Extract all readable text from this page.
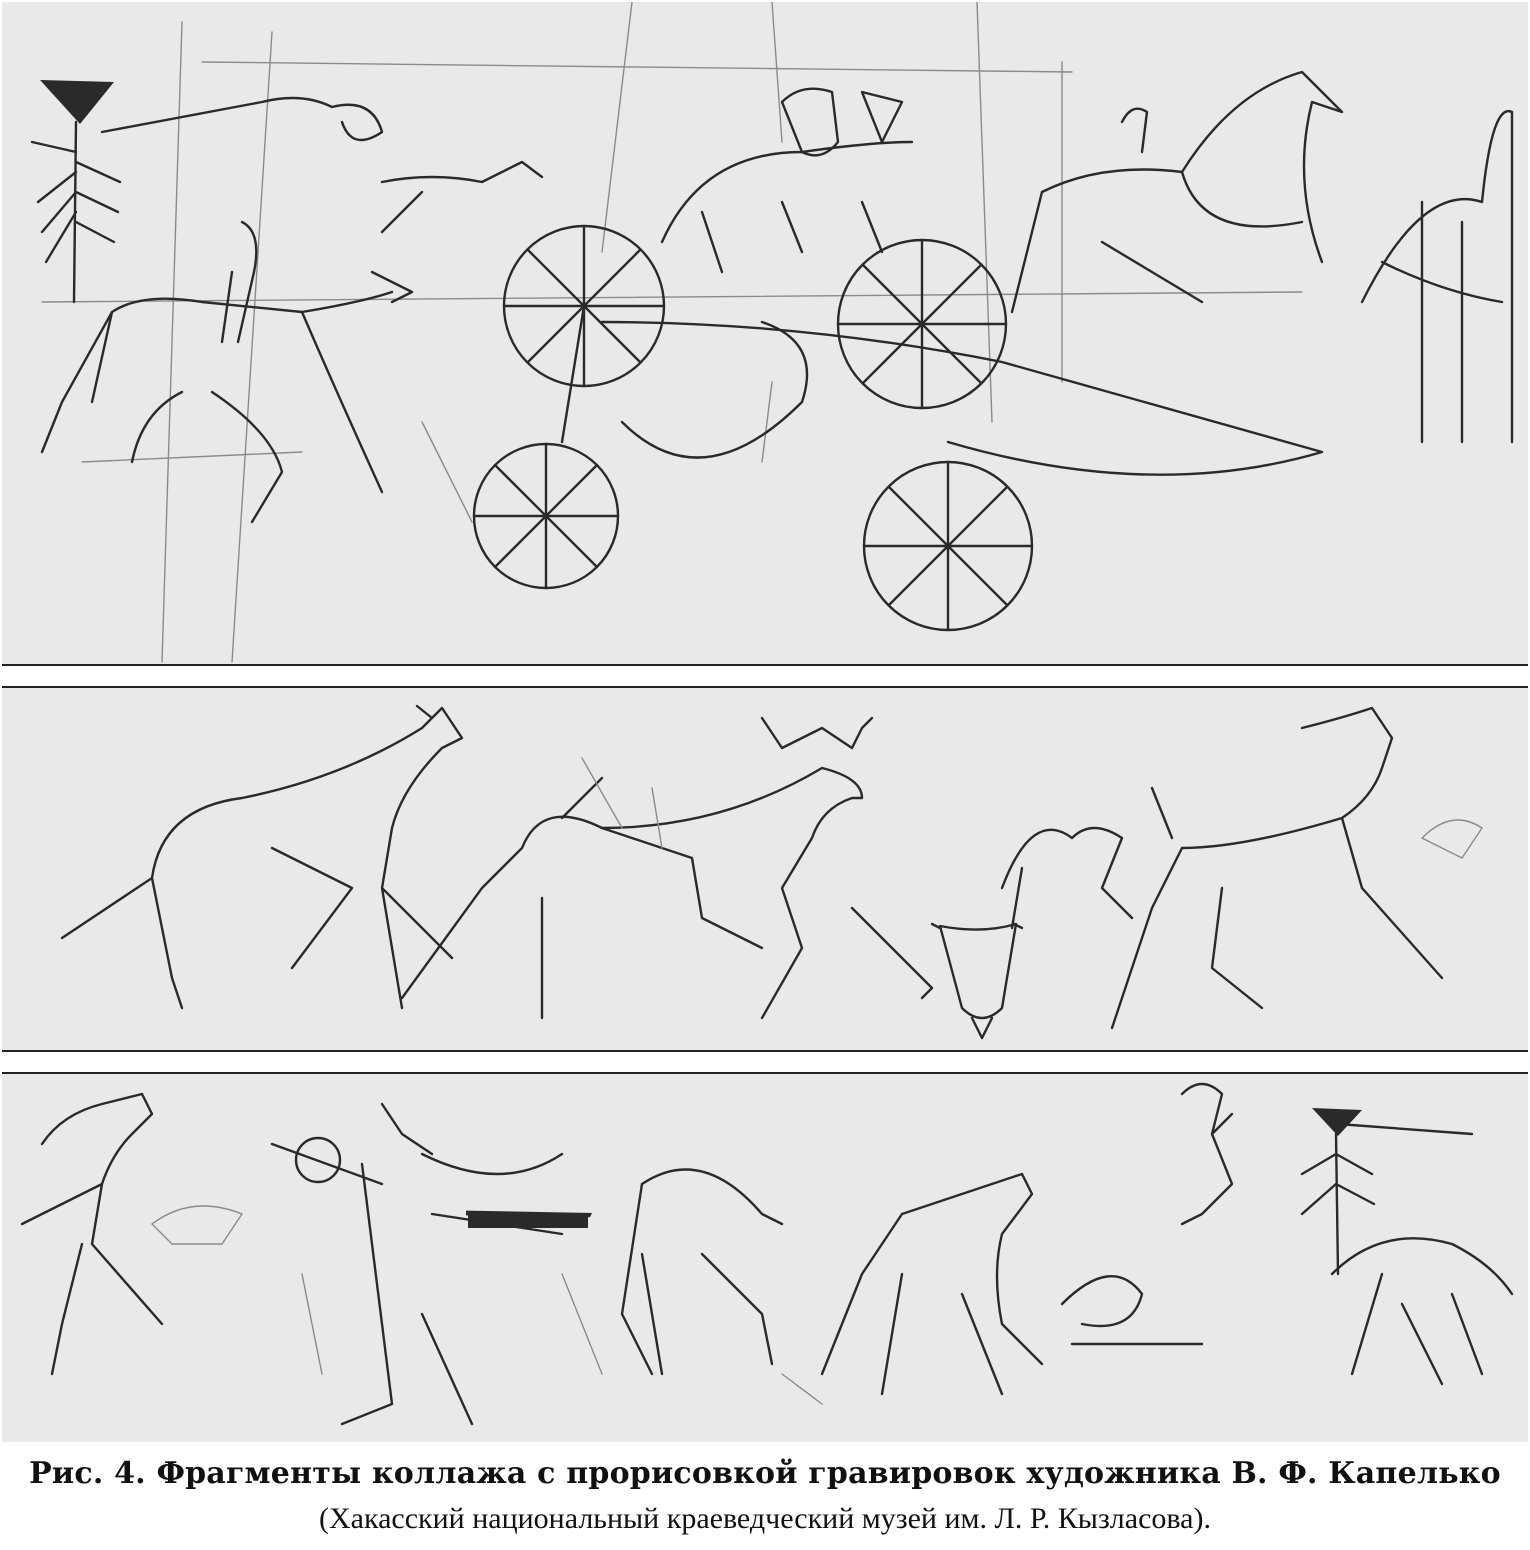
Рис. 4. Фрагменты коллажа с прорисовкой гравировок художника В. Ф. Капелько
(Хакасский национальный краеведческий музей им. Л. Р. Кызласова).
